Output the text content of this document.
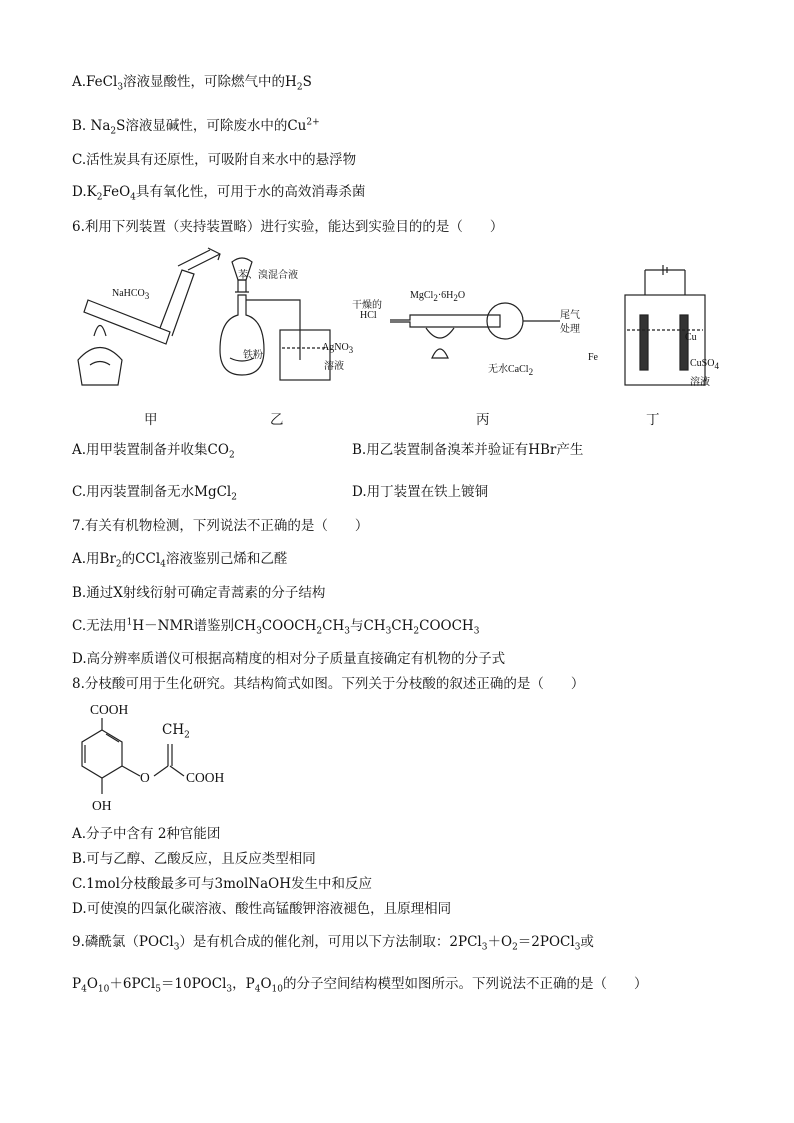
A.FeCl$_3$溶液显酸性，可除燃气中的$H_2S$
B. $Na_2S$溶液显碱性，可除废水中的$Cu^{2+}$
C.活性炭具有还原性，可吸附自来水中的悬浮物
$D.K_2FeO_4$具有氧化性，可用于水的高效消毒杀菌
6.利用下列装置（夹持装置略）进行实验，能达到实验目的的是（　　）
NaHCO$_3$
苯、溴混合液
铁粉
AgNO$_3$
溶液
干燥的
HCl
$MgCl_2\cdot 6H_2O$
无水CaCl$_2$
尾气
处理
Cu
Fe
CuSO$_4$
溶液
甲	乙	丙	丁
A.用甲装置制备并收集$CO_2$	B.用乙装置制备溴苯并验证有HBr产生
C.用丙装置制备无水MgCl$_2$	D.用丁装置在铁上镀铜
7.有关有机物检测，下列说法不正确的是（　　）
A.用$Br_2$的CCl$_4$溶液鉴别己烯和乙醛
B.通过X射线衍射可确定青蒿素的分子结构
C.无法用$^1$H－NMR谱鉴别$CH_3COOCH_2CH_3$与$CH_3CH_2COOCH_3$
D.高分辨率质谱仪可根据高精度的相对分子质量直接确定有机物的分子式
8.分枝酸可用于生化研究。其结构简式如图。下列关于分枝酸的叙述正确的是（　　）
COOH
O	COOH
OH
$CH_2$
A.分子中含有 2种官能团
B.可与乙醇、乙酸反应，且反应类型相同
C.1mol分枝酸最多可与3molNaOH发生中和反应
D.可使溴的四氯化碳溶液、酸性高锰酸钾溶液褪色，且原理相同
9.磷酰氯（POCl$_3$）是有机合成的催化剂，可用以下方法制取：$2PCl_3+O_2=2POCl_3$或
$P_4O_{10}+6PCl_5=10POCl_3$，$P_4O_{10}$的分子空间结构模型如图所示。下列说法不正确的是（　　）
